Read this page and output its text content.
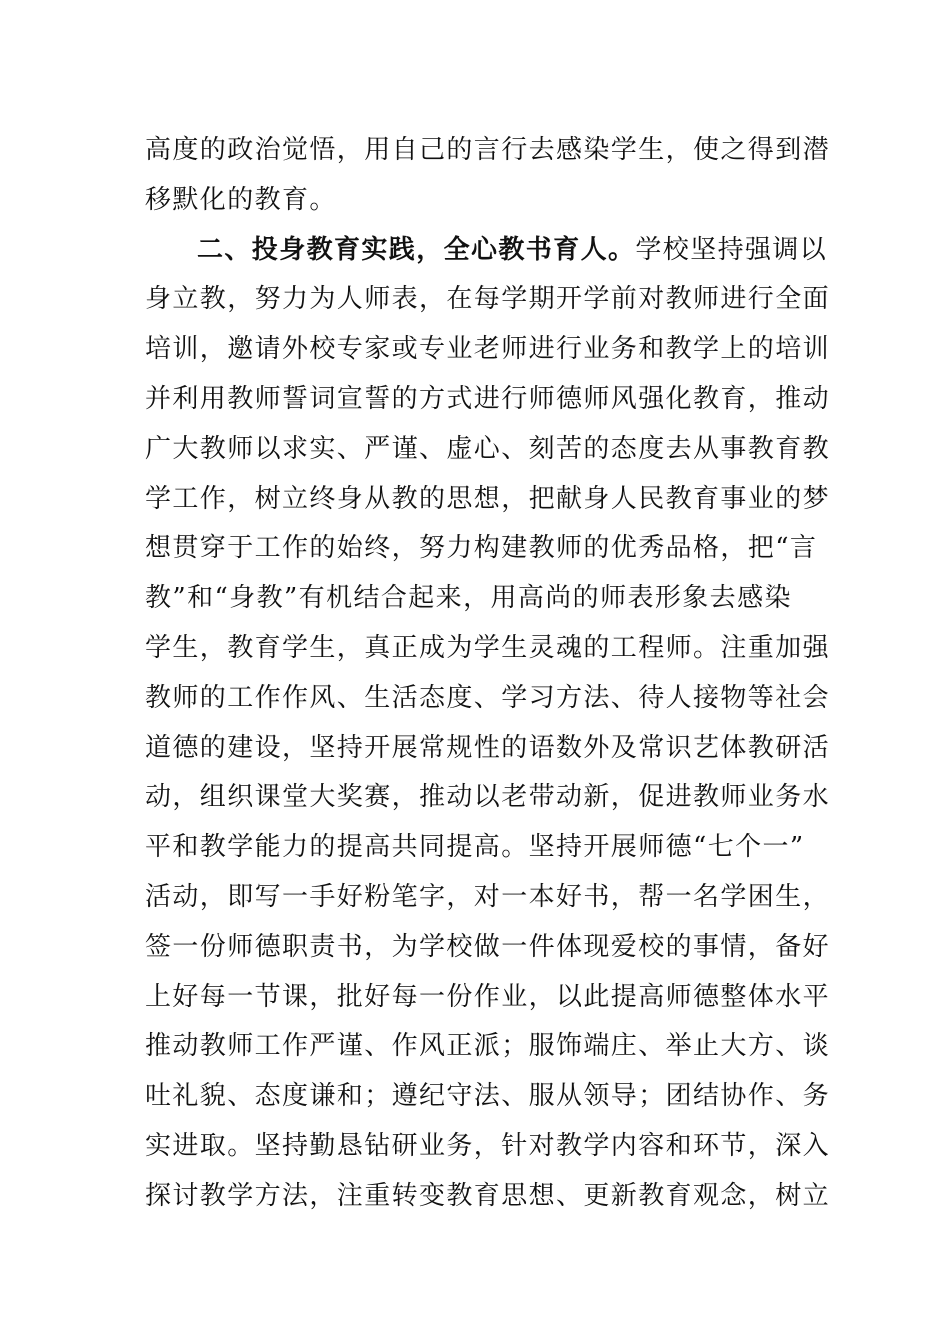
高度的政治觉悟，用自己的言行去感染学生，使之得到潜
移默化的教育。
二、投身教育实践，全心教书育人。学校坚持强调以
身立教，努力为人师表，在每学期开学前对教师进行全面
培训，邀请外校专家或专业老师进行业务和教学上的培训
并利用教师誓词宣誓的方式进行师德师风强化教育，推动
广大教师以求实、严谨、虚心、刻苦的态度去从事教育教
学工作，树立终身从教的思想，把献身人民教育事业的梦
想贯穿于工作的始终，努力构建教师的优秀品格，把“言
教”和“身教”有机结合起来，用高尚的师表形象去感染
学生，教育学生，真正成为学生灵魂的工程师。注重加强
教师的工作作风、生活态度、学习方法、待人接物等社会
道德的建设，坚持开展常规性的语数外及常识艺体教研活
动，组织课堂大奖赛，推动以老带动新，促进教师业务水
平和教学能力的提高共同提高。坚持开展师德“七个一”
活动，即写一手好粉笔字，对一本好书，帮一名学困生，
签一份师德职责书，为学校做一件体现爱校的事情，备好
上好每一节课，批好每一份作业，以此提高师德整体水平
推动教师工作严谨、作风正派；服饰端庄、举止大方、谈
吐礼貌、态度谦和；遵纪守法、服从领导；团结协作、务
实进取。坚持勤恳钻研业务，针对教学内容和环节，深入
探讨教学方法，注重转变教育思想、更新教育观念，树立
